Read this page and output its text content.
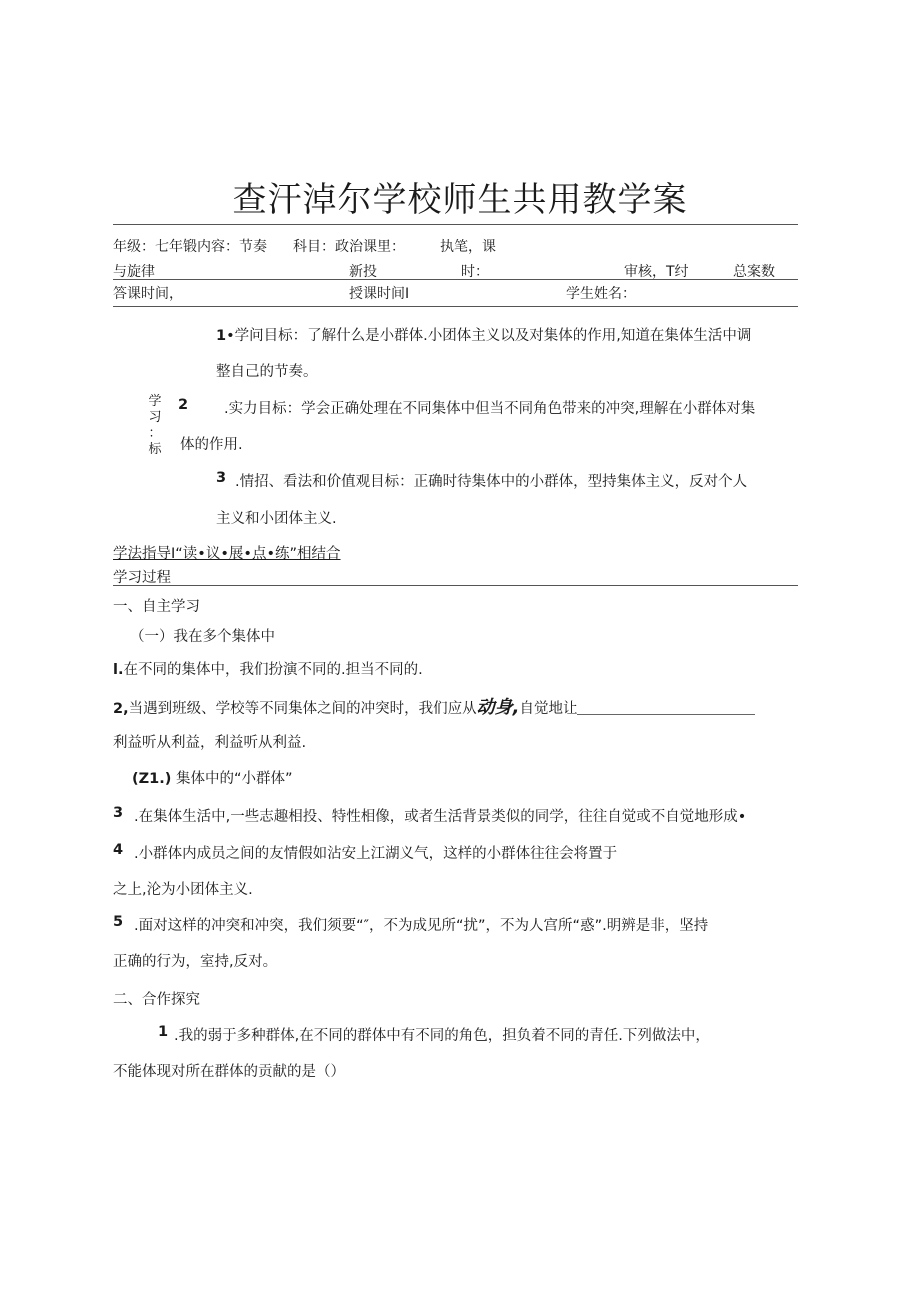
查汗淖尔学校师生共用教学案
年级：七年锻内容：节奏 科目：政治课里：	执笔，课
与旋律	新投	时：	审核，T纣	总案数
答课时间，	授课时间I	学生姓名：
学
习
：
标
1•学问目标：了解什么是小群体.小团体主义以及对集体的作用,知道在集体生活中调
整自己的节奏。
2 .实力目标：学会正确处理在不同集体中但当不同角色带来的冲突,理解在小群体对集
体的作用.
3 .情招、看法和价值观目标：正确时待集体中的小群体，型持集体主义，反对个人
主义和小团体主义.
学法指导I“读•议•展•点•练”相结合
学习过程
一、自主学习
（一）我在多个集体中
l.在不同的集体中，我们扮演不同的.担当不同的.
2,当遇到班级、学校等不同集体之间的冲突时，我们应从动身,自觉地让
利益听从利益，利益听从利益.
(Z1.) 集体中的“小群体”
3 .在集体生活中,一些志趣相投、特性相像，或者生活背景类似的同学，往往自觉或不自觉地形成•
4 .小群体内成员之间的友情假如沾安上江湖义气，这样的小群体往往会将置于
之上,沦为小团体主义.
5 .面对这样的冲突和冲突，我们须要“″，不为成见所“扰”，不为人宫所“惑”.明辨是非，坚持
正确的行为，室持,反对。
二、合作探究
1 .我的弱于多种群体,在不同的群体中有不同的角色，担负着不同的青任.下列做法中，
不能体现对所在群体的贡献的是（）
